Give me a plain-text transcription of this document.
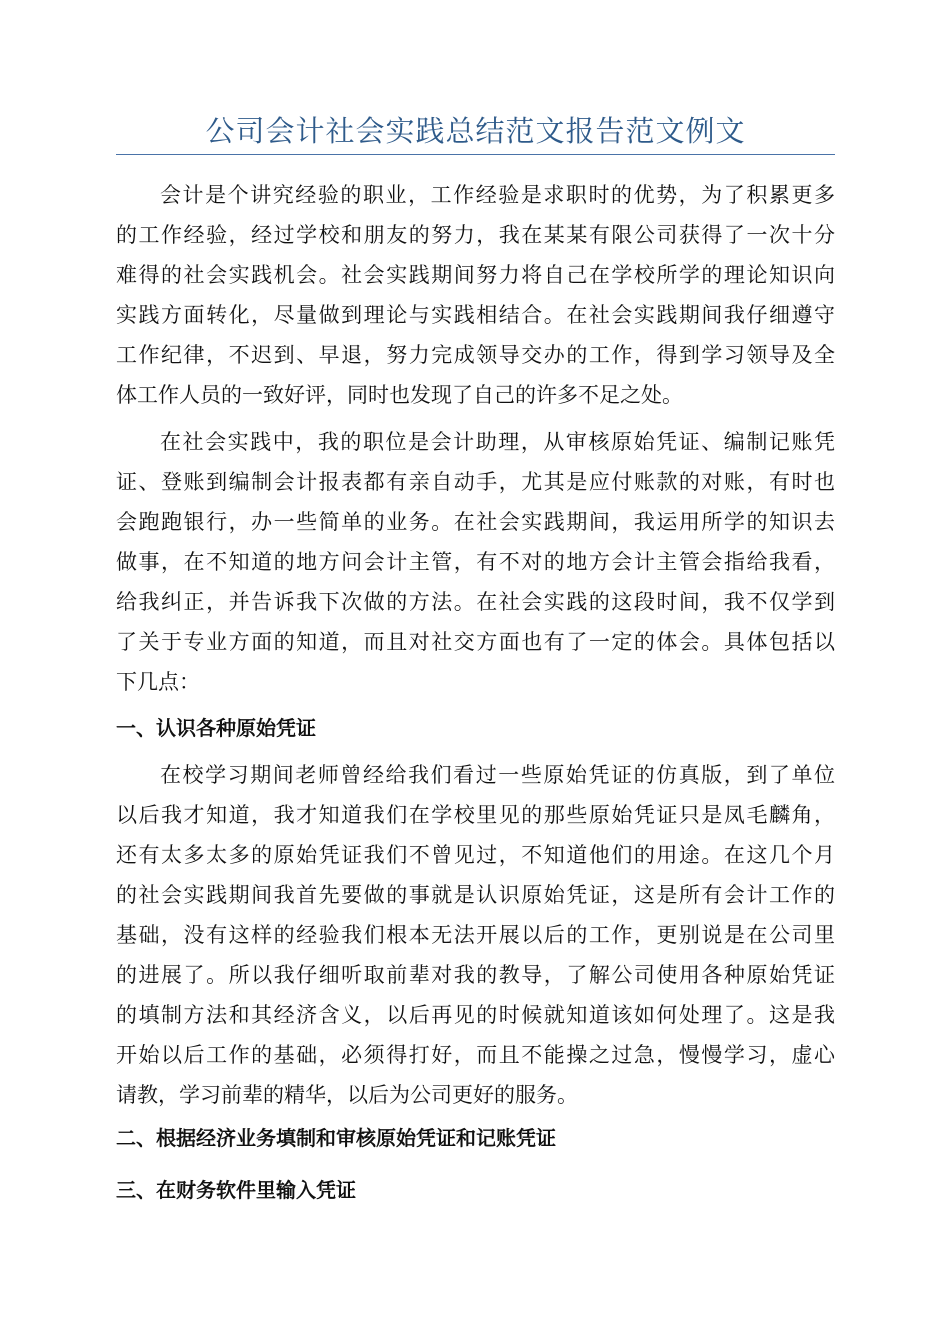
公司会计社会实践总结范文报告范文例文
会计是个讲究经验的职业，工作经验是求职时的优势，为了积累更多
的工作经验，经过学校和朋友的努力，我在某某有限公司获得了一次十分
难得的社会实践机会。社会实践期间努力将自己在学校所学的理论知识向
实践方面转化，尽量做到理论与实践相结合。在社会实践期间我仔细遵守
工作纪律，不迟到、早退，努力完成领导交办的工作，得到学习领导及全
体工作人员的一致好评，同时也发现了自己的许多不足之处。
在社会实践中，我的职位是会计助理，从审核原始凭证、编制记账凭
证、登账到编制会计报表都有亲自动手，尤其是应付账款的对账，有时也
会跑跑银行，办一些简单的业务。在社会实践期间，我运用所学的知识去
做事，在不知道的地方问会计主管，有不对的地方会计主管会指给我看，
给我纠正，并告诉我下次做的方法。在社会实践的这段时间，我不仅学到
了关于专业方面的知道，而且对社交方面也有了一定的体会。具体包括以
下几点：
一、认识各种原始凭证
在校学习期间老师曾经给我们看过一些原始凭证的仿真版，到了单位
以后我才知道，我才知道我们在学校里见的那些原始凭证只是凤毛麟角，
还有太多太多的原始凭证我们不曾见过，不知道他们的用途。在这几个月
的社会实践期间我首先要做的事就是认识原始凭证，这是所有会计工作的
基础，没有这样的经验我们根本无法开展以后的工作，更别说是在公司里
的进展了。所以我仔细听取前辈对我的教导，了解公司使用各种原始凭证
的填制方法和其经济含义，以后再见的时候就知道该如何处理了。这是我
开始以后工作的基础，必须得打好，而且不能操之过急，慢慢学习，虚心
请教，学习前辈的精华，以后为公司更好的服务。
二、根据经济业务填制和审核原始凭证和记账凭证
三、在财务软件里输入凭证
